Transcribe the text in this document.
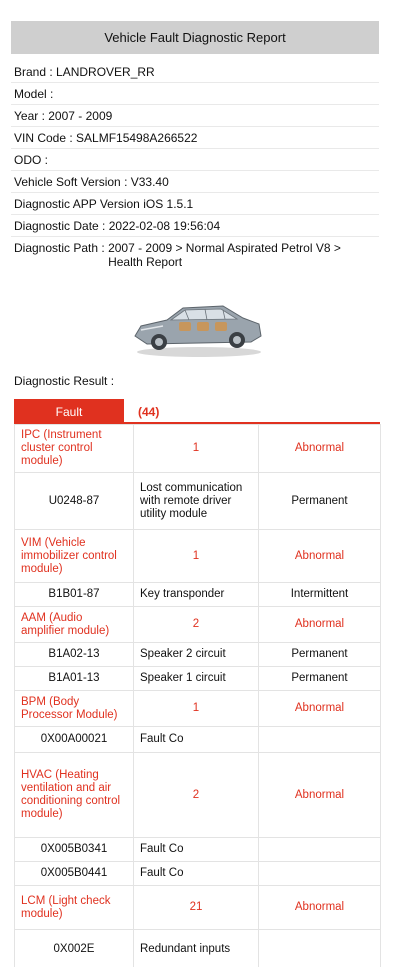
Vehicle Fault Diagnostic Report
Brand : LANDROVER_RR
Model :
Year : 2007 - 2009
VIN Code : SALMF15498A266522
ODO :
Vehicle Soft Version : V33.40
Diagnostic APP Version iOS 1.5.1
Diagnostic Date : 2022-02-08 19:56:04
Diagnostic Path : 2007 - 2009 > Normal Aspirated Petrol V8 > Health Report
Diagnostic Result :
Fault	(44)
IPC (Instrument cluster control module)	1	Abnormal
U0248-87	Lost communication with remote driver utility module	Permanent
VIM (Vehicle immobilizer control module)	1	Abnormal
B1B01-87	Key transponder	Intermittent
AAM (Audio amplifier module)	2	Abnormal
B1A02-13	Speaker 2 circuit	Permanent
B1A01-13	Speaker 1 circuit	Permanent
BPM (Body Processor Module)	1	Abnormal
0X00A00021	Fault Co	
HVAC (Heating ventilation and air conditioning control module)	2	Abnormal
0X005B0341	Fault Co	
0X005B0441	Fault Co	
LCM (Light check module)	21	Abnormal
0X002E	Redundant inputs	
